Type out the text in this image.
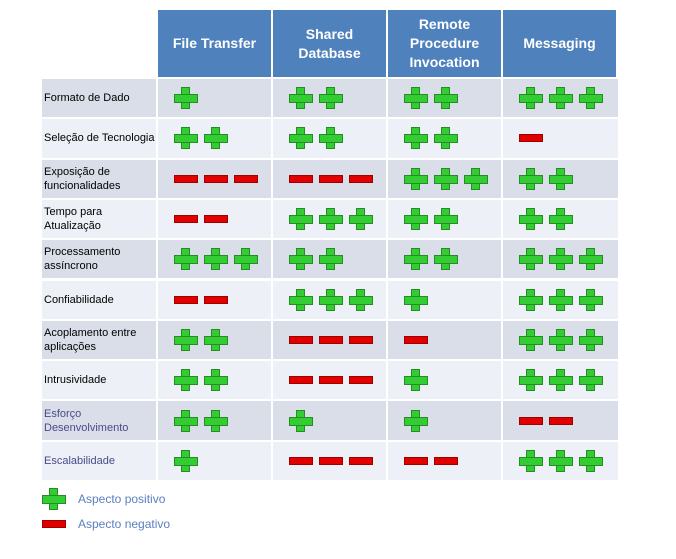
File Transfer
Shared Database
Remote Procedure Invocation
Messaging
Formato de Dado
Seleção de Tecnologia
Exposição de funcionalidades
Tempo para Atualização
Processamento assíncrono
Confiabilidade
Acoplamento entre aplicações
Intrusividade
Esforço Desenvolvimento
Escalabilidade
Aspecto positivo
Aspecto negativo
